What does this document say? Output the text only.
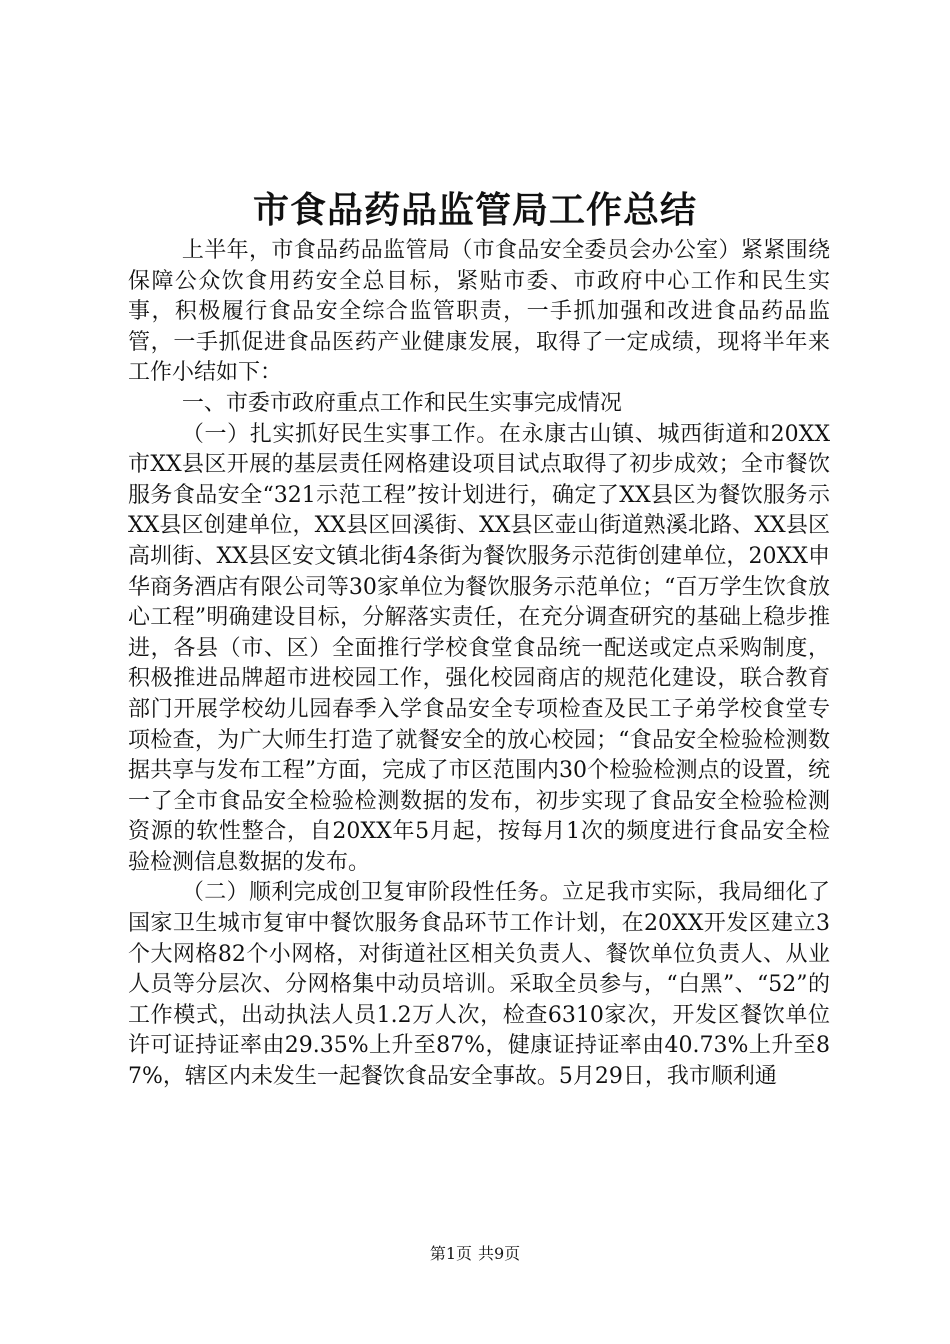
市食品药品监管局工作总结

上半年，市食品药品监管局（市食品安全委员会办公室）紧紧围绕保障公众饮食用药安全总目标，紧贴市委、市政府中心工作和民生实事，积极履行食品安全综合监管职责，一手抓加强和改进食品药品监管，一手抓促进食品医药产业健康发展，取得了一定成绩，现将半年来工作小结如下：

一、市委市政府重点工作和民生实事完成情况

（一）扎实抓好民生实事工作。在永康古山镇、城西街道和20XX市XX县区开展的基层责任网格建设项目试点取得了初步成效；全市餐饮服务食品安全“321示范工程”按计划进行，确定了XX县区为餐饮服务示XX县区创建单位，XX县区回溪街、XX县区壶山街道熟溪北路、XX县区高圳街、XX县区安文镇北街4条街为餐饮服务示范街创建单位，20XX申华商务酒店有限公司等30家单位为餐饮服务示范单位；“百万学生饮食放心工程”明确建设目标，分解落实责任，在充分调查研究的基础上稳步推进，各县（市、区）全面推行学校食堂食品统一配送或定点采购制度，积极推进品牌超市进校园工作，强化校园商店的规范化建设，联合教育部门开展学校幼儿园春季入学食品安全专项检查及民工子弟学校食堂专项检查，为广大师生打造了就餐安全的放心校园；“食品安全检验检测数据共享与发布工程”方面，完成了市区范围内30个检验检测点的设置，统一了全市食品安全检验检测数据的发布，初步实现了食品安全检验检测资源的软性整合，自20XX年5月起，按每月1次的频度进行食品安全检验检测信息数据的发布。

（二）顺利完成创卫复审阶段性任务。立足我市实际，我局细化了国家卫生城市复审中餐饮服务食品环节工作计划，在20XX开发区建立3个大网格82个小网格，对街道社区相关负责人、餐饮单位负责人、从业人员等分层次、分网格集中动员培训。采取全员参与，“白黑”、“52”的工作模式，出动执法人员1.2万人次，检查6310家次，开发区餐饮单位许可证持证率由29.35%上升至87%，健康证持证率由40.73%上升至87%，辖区内未发生一起餐饮食品安全事故。5月29日，我市顺利通

第1页 共9页
